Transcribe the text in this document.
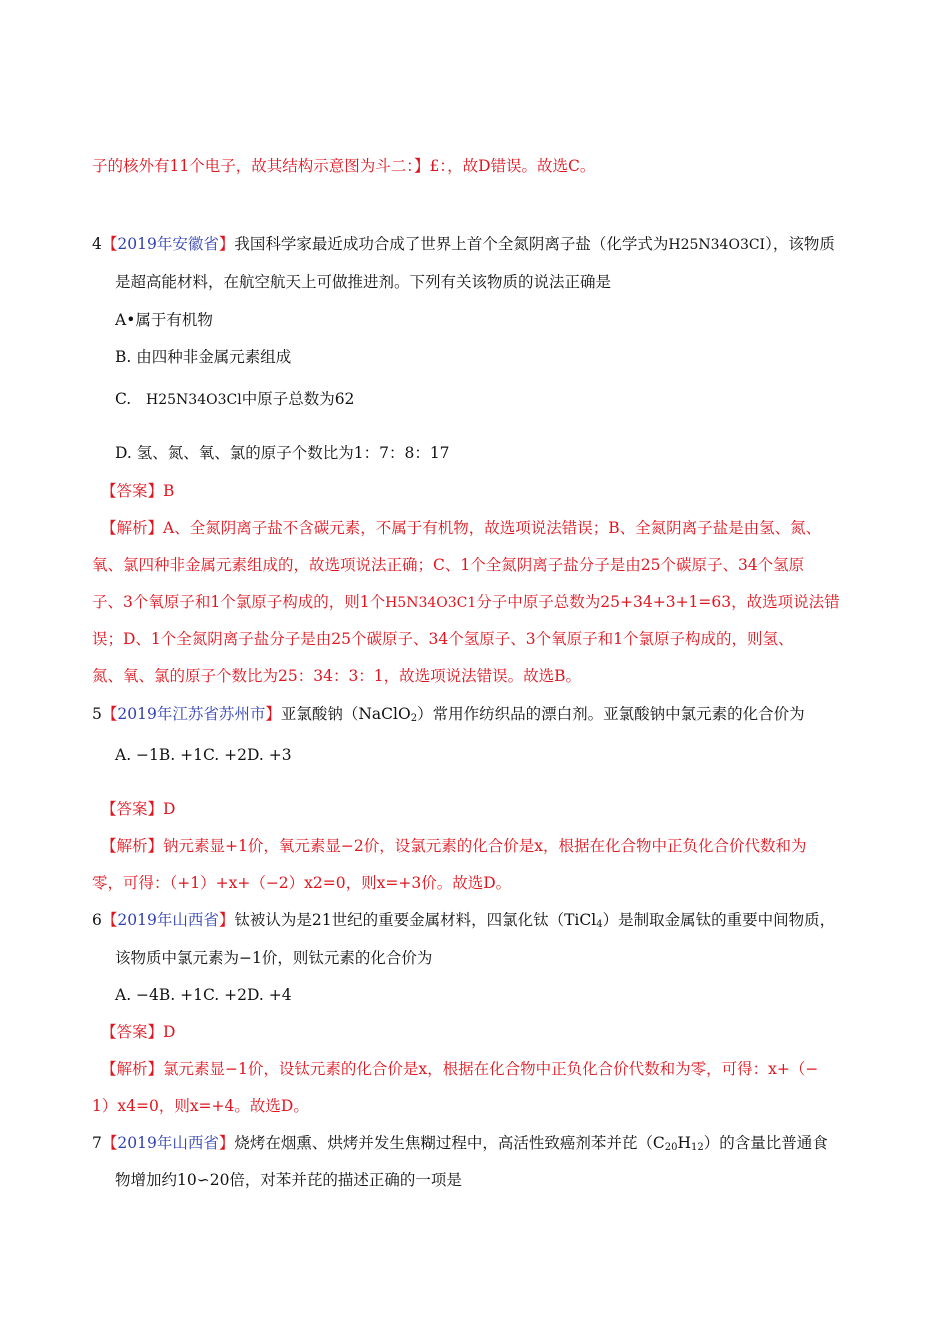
子的核外有11个电子，故其结构示意图为斗二：】£：，故D错误。故选C。
4【2019年安徽省】我国科学家最近成功合成了世界上首个全氮阴离子盐（化学式为H25N34O3CI），该物质
是超高能材料，在航空航天上可做推进剂。下列有关该物质的说法正确是
A•属于有机物
B. 由四种非金属元素组成
C. H25N34O3Cl中原子总数为62
D. 氢、氮、氧、氯的原子个数比为1：7：8：17
【答案】B
【解析】A、全氮阴离子盐不含碳元素，不属于有机物，故选项说法错误；B、全氮阴离子盐是由氢、氮、
氧、氯四种非金属元素组成的，故选项说法正确；C、1个全氮阴离子盐分子是由25个碳原子、34个氢原
子、3个氧原子和1个氯原子构成的，则1个H5N34O3C1分子中原子总数为25+34+3+1=63，故选项说法错
误；D、1个全氮阴离子盐分子是由25个碳原子、34个氢原子、3个氧原子和1个氯原子构成的，则氢、
氮、氧、氯的原子个数比为25：34：3：1，故选项说法错误。故选B。
5【2019年江苏省苏州市】亚氯酸钠（NaClO$_2$）常用作纺织品的漂白剂。亚氯酸钠中氯元素的化合价为
A. −1B. +1C. +2D. +3
【答案】D
【解析】钠元素显+1价，氧元素显−2价，设氯元素的化合价是x，根据在化合物中正负化合价代数和为
零，可得：（+1）+x+（−2）x2=0，则x=+3价。故选D。
6【2019年山西省】钛被认为是21世纪的重要金属材料，四氯化钛（TiCl$_4$）是制取金属钛的重要中间物质，
该物质中氯元素为−1价，则钛元素的化合价为
A. −4B. +1C. +2D. +4
【答案】D
【解析】氯元素显−1价，设钛元素的化合价是x，根据在化合物中正负化合价代数和为零，可得：x+（−
1）x4=0，则x=+4。故选D。
7【2019年山西省】烧烤在烟熏、烘烤并发生焦糊过程中，高活性致癌剂苯并芘$(C_{20}H_{12})$的含量比普通食
物增加约10∽20倍，对苯并芘的描述正确的一项是
